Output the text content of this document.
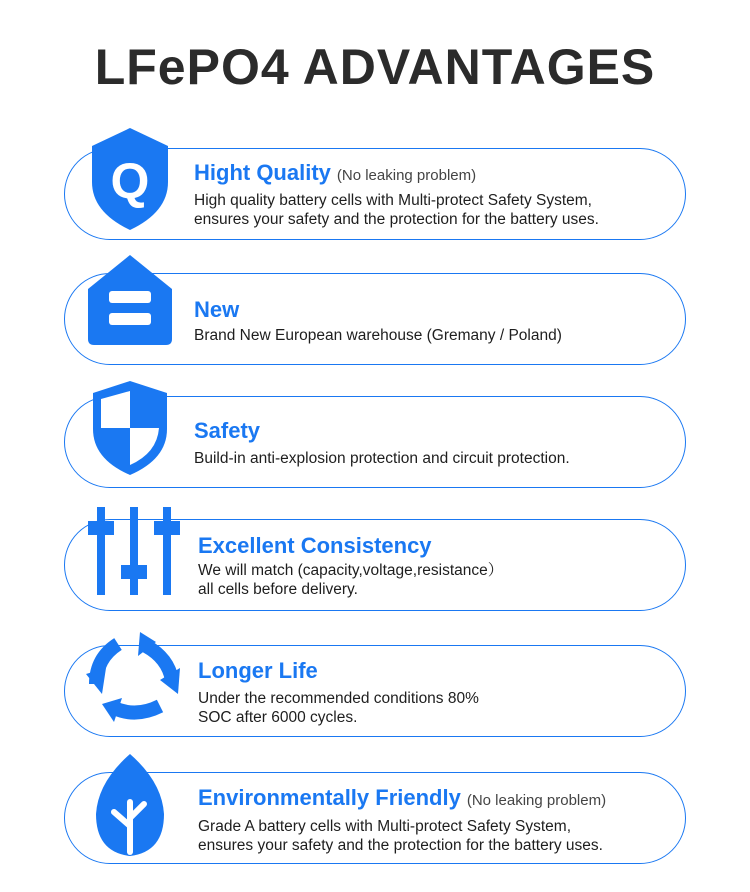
LFePO4 ADVANTAGES
Q Hight Quality (No leaking problem)
High quality battery cells with Multi-protect Safety System,
ensures your safety and the protection for the battery uses.
New
Brand New European warehouse (Gremany / Poland)
Safety
Build-in anti-explosion protection and circuit protection.
Excellent Consistency
We will match (capacity,voltage,resistance）
all cells before delivery.
Longer Life
Under the recommended conditions 80%
SOC after 6000 cycles.
Environmentally Friendly (No leaking problem)
Grade A battery cells with Multi-protect Safety System,
ensures your safety and the protection for the battery uses.
